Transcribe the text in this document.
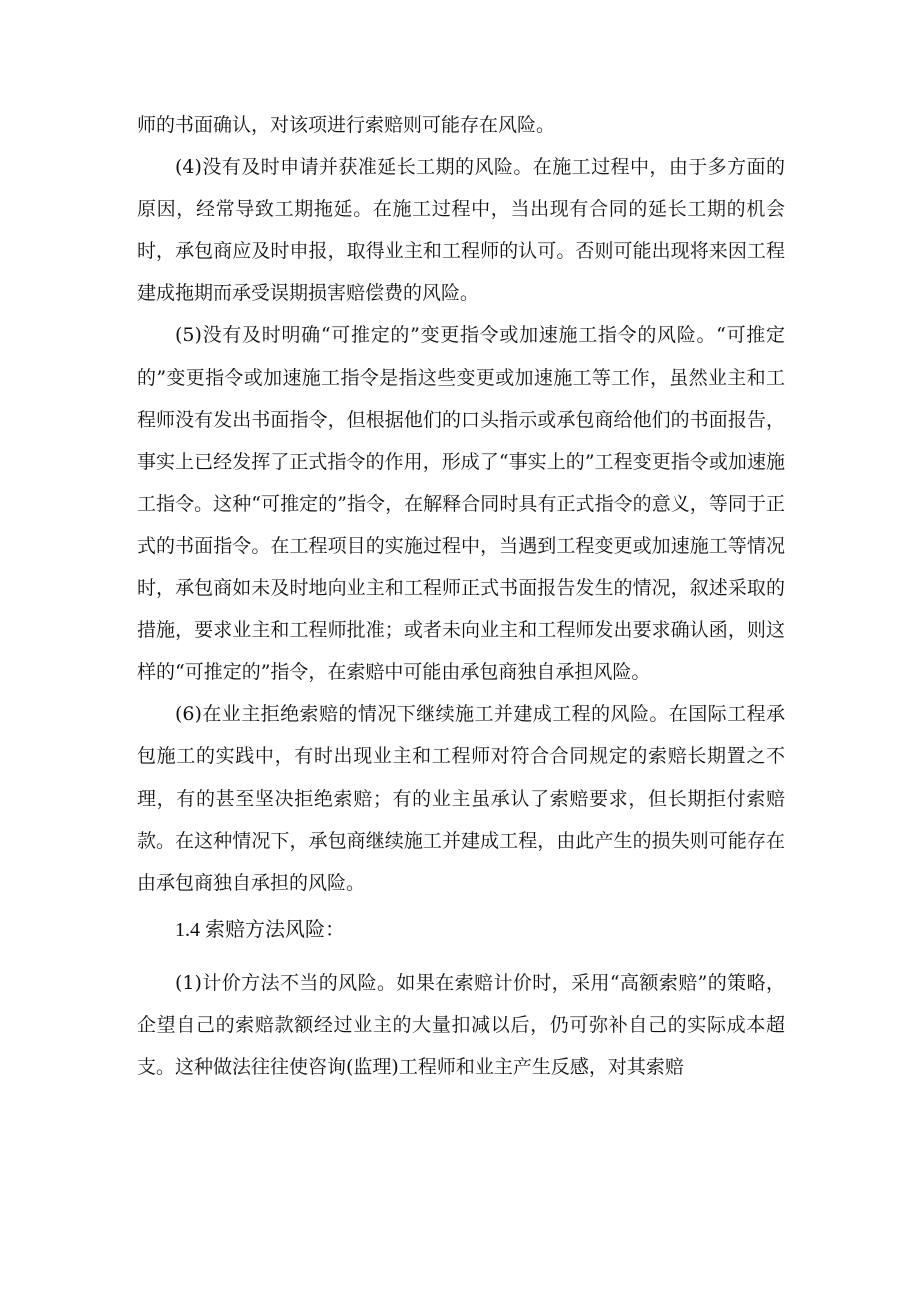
师的书面确认，对该项进行索赔则可能存在风险。

(4)没有及时申请并获准延长工期的风险。在施工过程中，由于多方面的原因，经常导致工期拖延。在施工过程中，当出现有合同的延长工期的机会时，承包商应及时申报，取得业主和工程师的认可。否则可能出现将来因工程建成拖期而承受误期损害赔偿费的风险。

(5)没有及时明确“可推定的”变更指令或加速施工指令的风险。“可推定的”变更指令或加速施工指令是指这些变更或加速施工等工作，虽然业主和工程师没有发出书面指令，但根据他们的口头指示或承包商给他们的书面报告，事实上已经发挥了正式指令的作用，形成了“事实上的”工程变更指令或加速施工指令。这种“可推定的”指令，在解释合同时具有正式指令的意义，等同于正式的书面指令。在工程项目的实施过程中，当遇到工程变更或加速施工等情况时，承包商如未及时地向业主和工程师正式书面报告发生的情况，叙述采取的措施，要求业主和工程师批准；或者未向业主和工程师发出要求确认函，则这样的“可推定的”指令，在索赔中可能由承包商独自承担风险。

(6)在业主拒绝索赔的情况下继续施工并建成工程的风险。在国际工程承包施工的实践中，有时出现业主和工程师对符合合同规定的索赔长期置之不理，有的甚至坚决拒绝索赔；有的业主虽承认了索赔要求，但长期拒付索赔款。在这种情况下，承包商继续施工并建成工程，由此产生的损失则可能存在由承包商独自承担的风险。

1.4 索赔方法风险：

(1)计价方法不当的风险。如果在索赔计价时，采用“高额索赔”的策略，企望自己的索赔款额经过业主的大量扣减以后，仍可弥补自己的实际成本超支。这种做法往往使咨询(监理)工程师和业主产生反感，对其索赔
